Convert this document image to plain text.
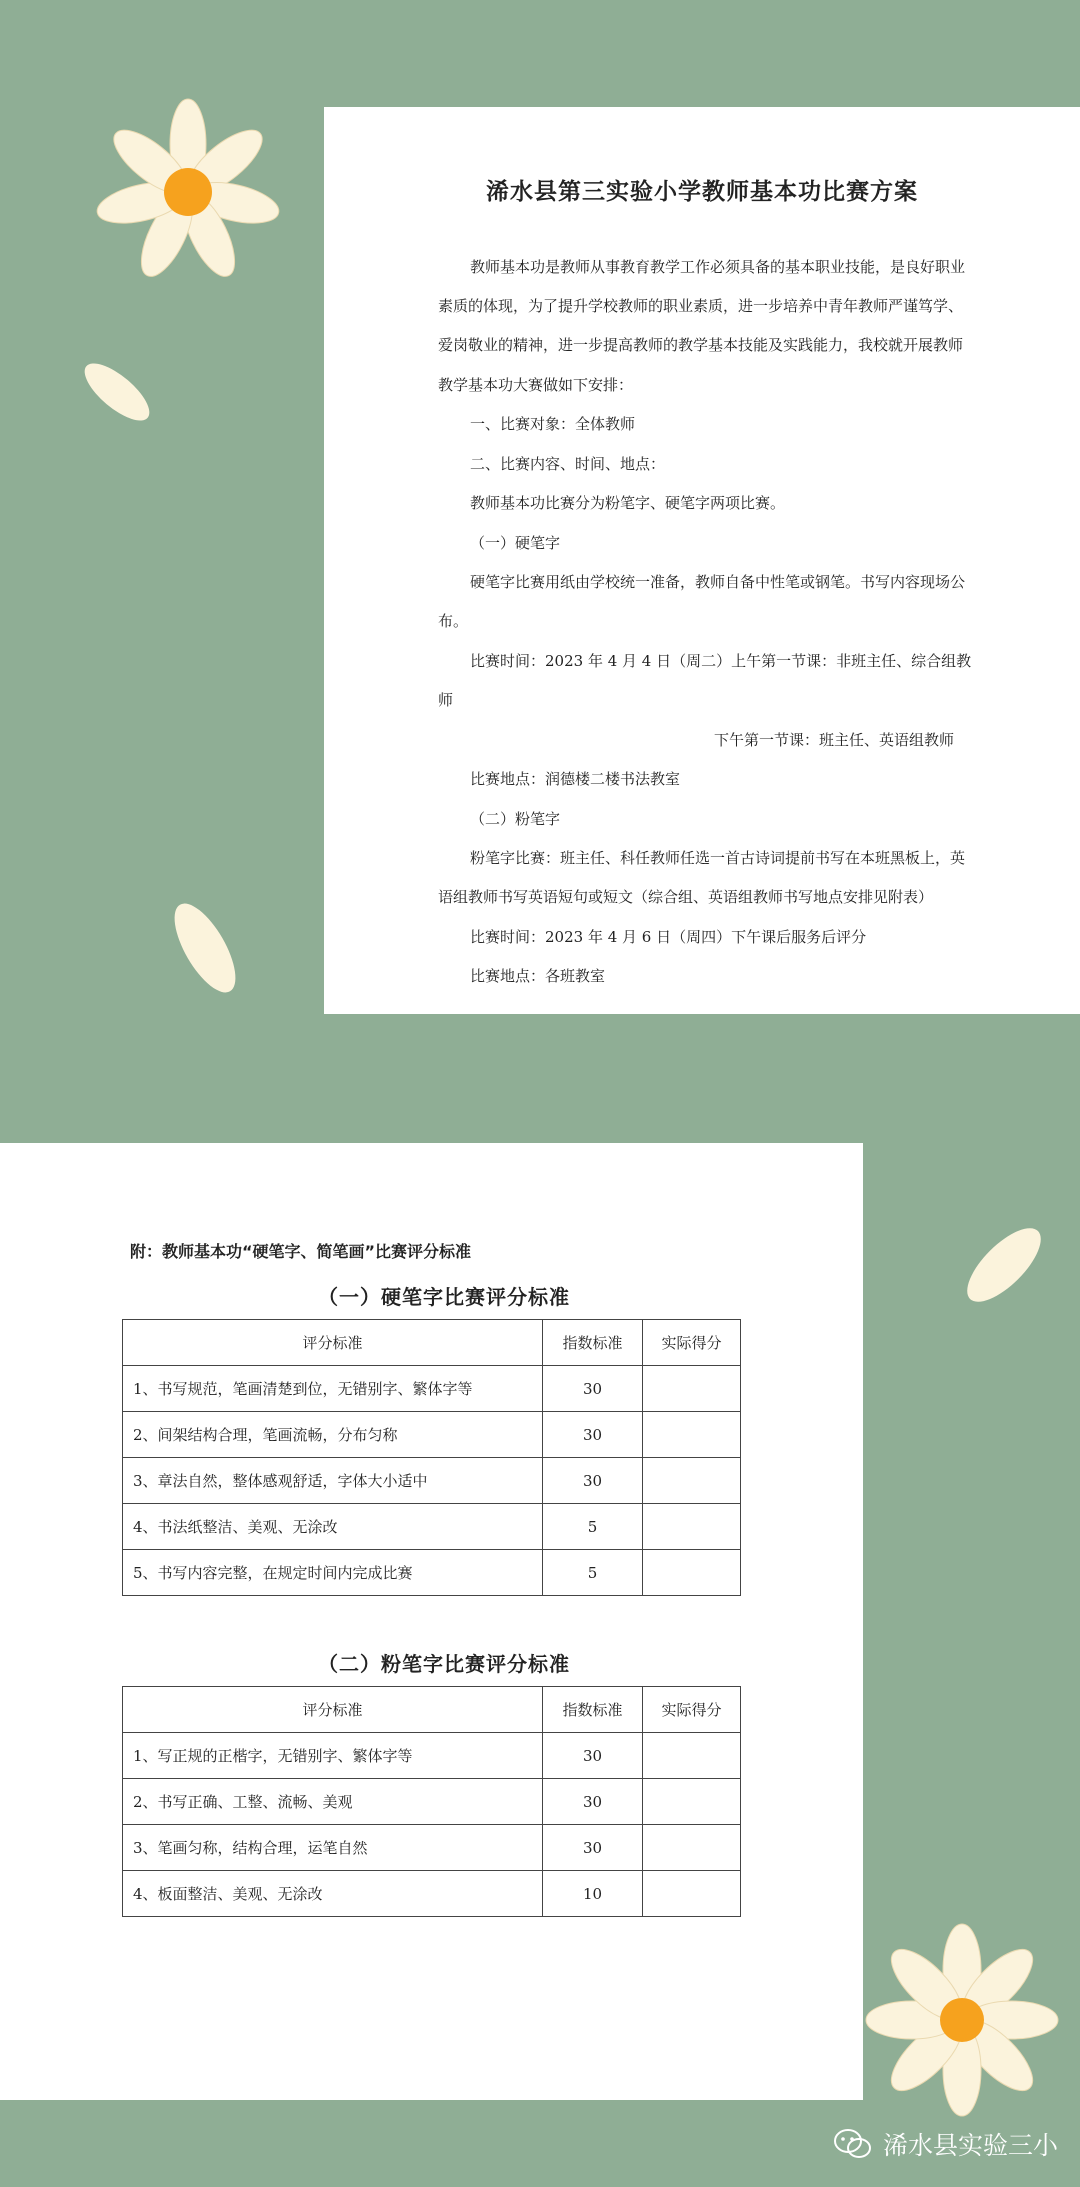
浠水县第三实验小学教师基本功比赛方案
教师基本功是教师从事教育教学工作必须具备的基本职业技能，是良好职业
素质的体现，为了提升学校教师的职业素质，进一步培养中青年教师严谨笃学、
爱岗敬业的精神，进一步提高教师的教学基本技能及实践能力，我校就开展教师
教学基本功大赛做如下安排：
一、比赛对象：全体教师
二、比赛内容、时间、地点：
教师基本功比赛分为粉笔字、硬笔字两项比赛。
（一）硬笔字
硬笔字比赛用纸由学校统一准备，教师自备中性笔或钢笔。书写内容现场公
布。
比赛时间：2023 年 4 月 4 日（周二）上午第一节课：非班主任、综合组教
师
下午第一节课：班主任、英语组教师
比赛地点：润德楼二楼书法教室
（二）粉笔字
粉笔字比赛：班主任、科任教师任选一首古诗词提前书写在本班黑板上，英
语组教师书写英语短句或短文（综合组、英语组教师书写地点安排见附表）
比赛时间：2023 年 4 月 6 日（周四）下午课后服务后评分
比赛地点：各班教室
附：教师基本功“硬笔字、简笔画”比赛评分标准
（一）硬笔字比赛评分标准
评分标准	指数标准	实际得分
1、书写规范，笔画清楚到位，无错别字、繁体字等	30	
2、间架结构合理，笔画流畅，分布匀称	30	
3、章法自然，整体感观舒适，字体大小适中	30	
4、书法纸整洁、美观、无涂改	5	
5、书写内容完整，在规定时间内完成比赛	5	
（二）粉笔字比赛评分标准
评分标准	指数标准	实际得分
1、写正规的正楷字，无错别字、繁体字等	30	
2、书写正确、工整、流畅、美观	30	
3、笔画匀称，结构合理，运笔自然	30	
4、板面整洁、美观、无涂改	10	
浠水县实验三小
